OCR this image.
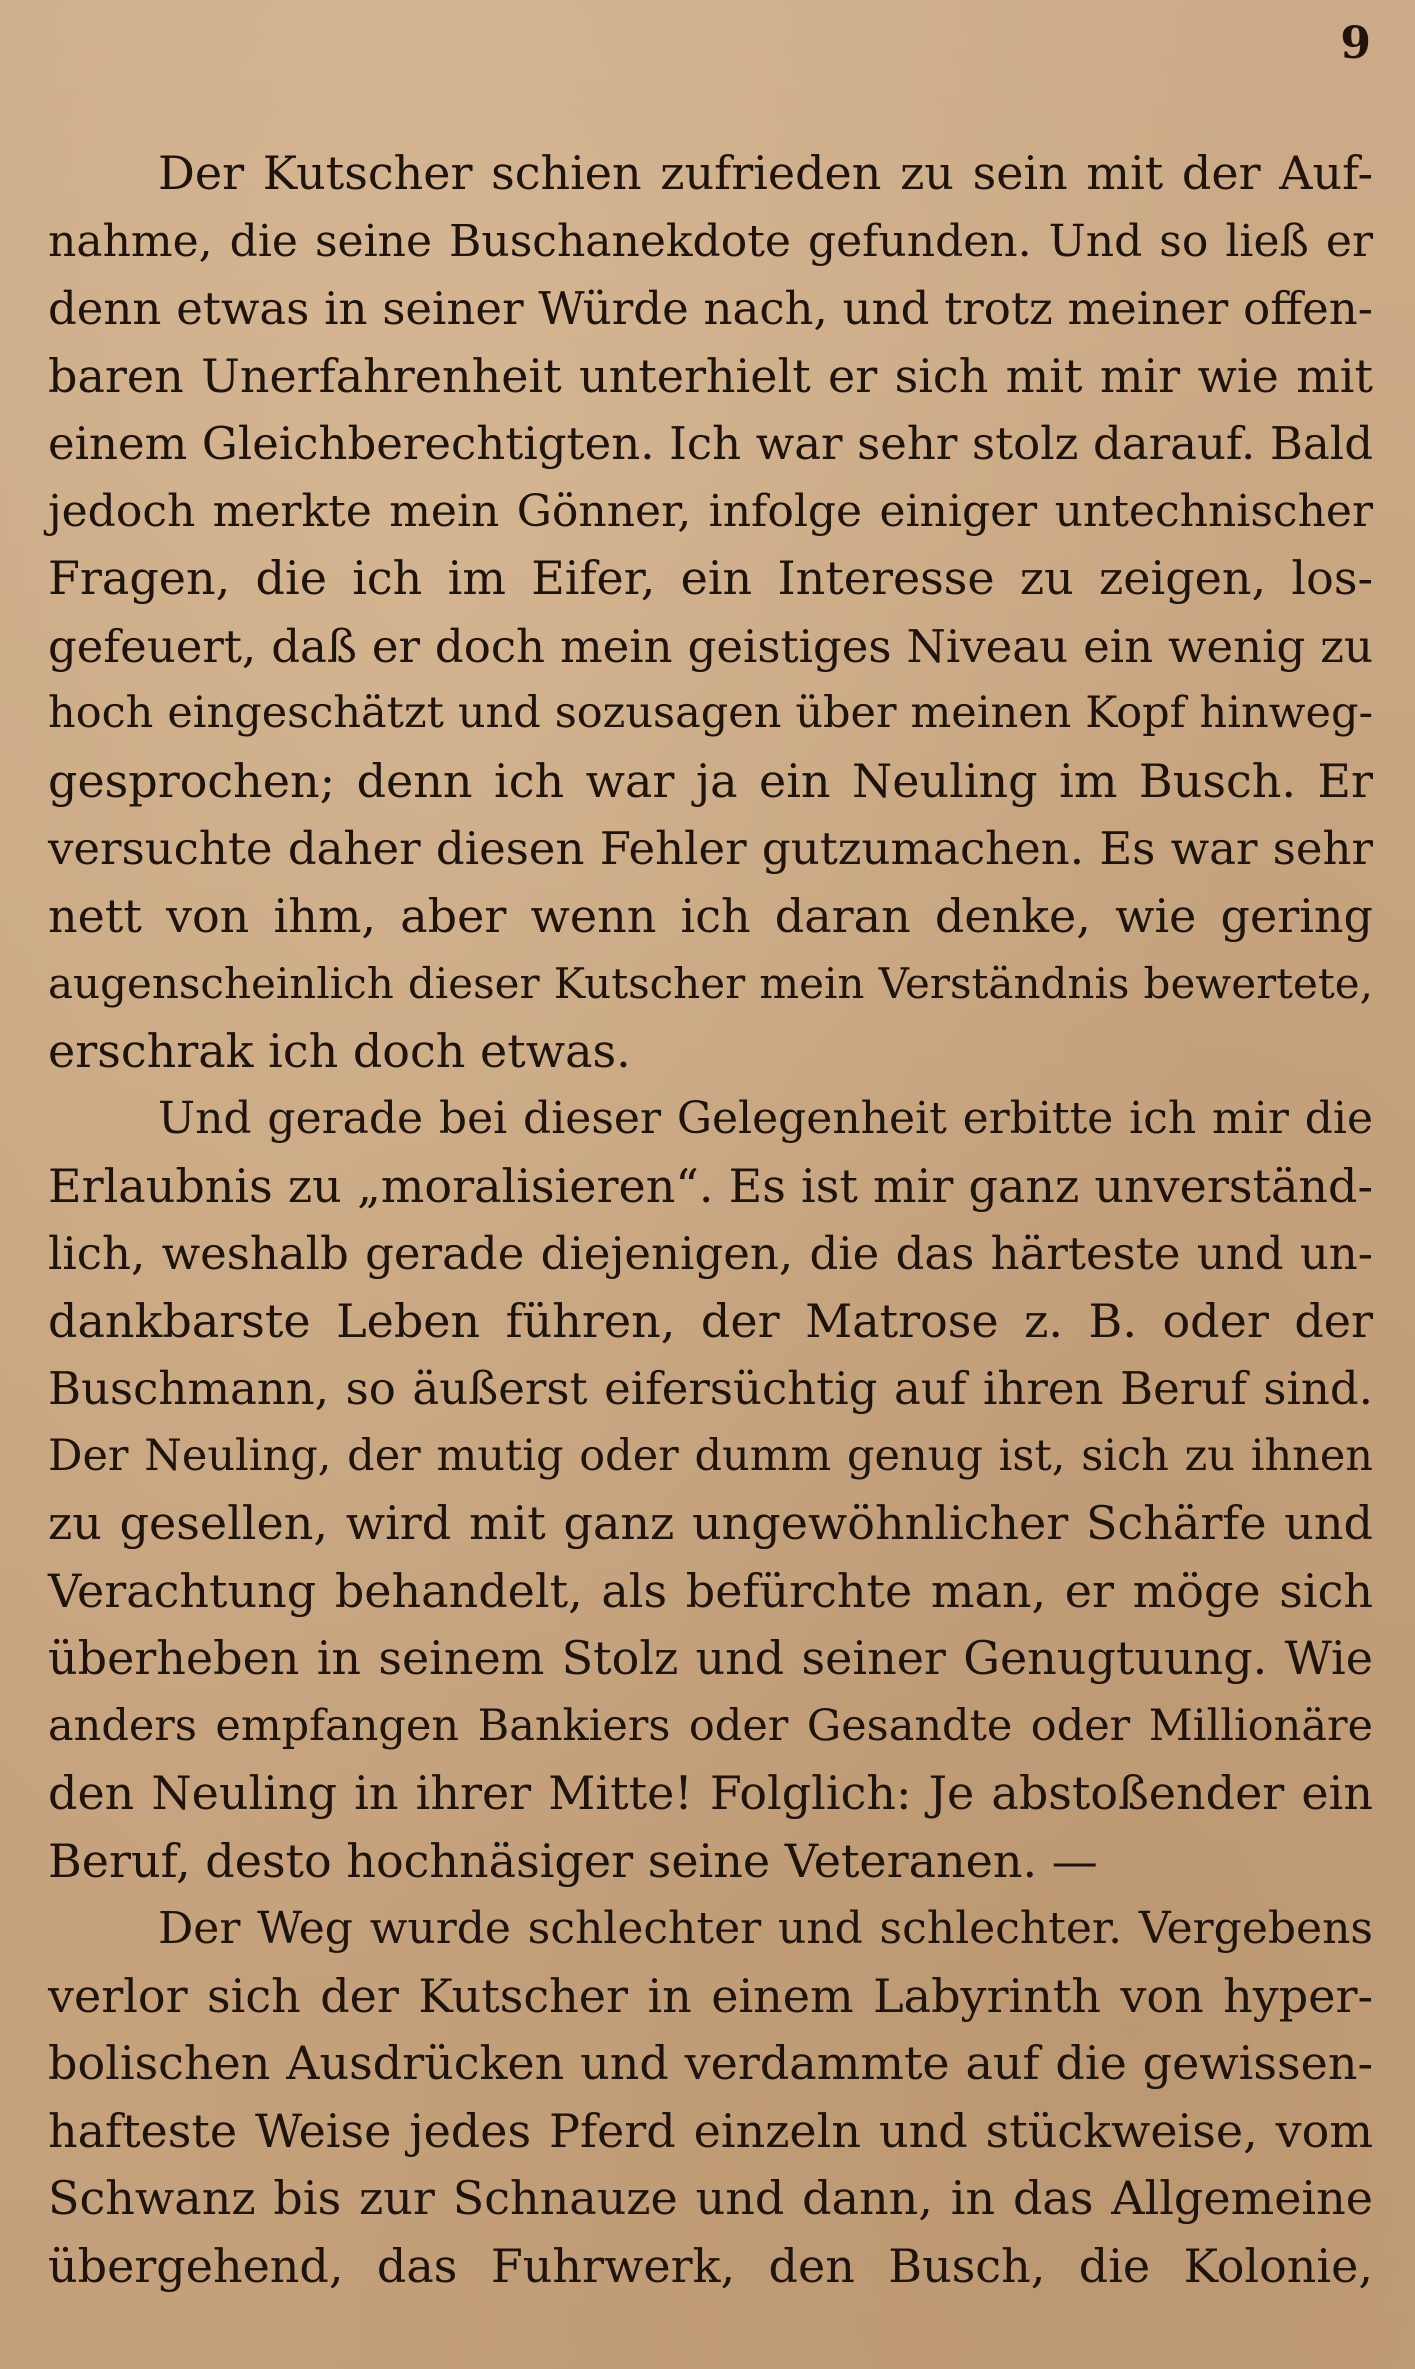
9
Der Kutscher schien zufrieden zu sein mit der Auf-
nahme, die seine Buschanekdote gefunden. Und so ließ er
denn etwas in seiner Würde nach, und trotz meiner offen-
baren Unerfahrenheit unterhielt er sich mit mir wie mit
einem Gleichberechtigten. Ich war sehr stolz darauf. Bald
jedoch merkte mein Gönner, infolge einiger untechnischer
Fragen, die ich im Eifer, ein Interesse zu zeigen, los-
gefeuert, daß er doch mein geistiges Niveau ein wenig zu
hoch eingeschätzt und sozusagen über meinen Kopf hinweg-
gesprochen; denn ich war ja ein Neuling im Busch. Er
versuchte daher diesen Fehler gutzumachen. Es war sehr
nett von ihm, aber wenn ich daran denke, wie gering
augenscheinlich dieser Kutscher mein Verständnis bewertete,
erschrak ich doch etwas.
Und gerade bei dieser Gelegenheit erbitte ich mir die
Erlaubnis zu „moralisieren“. Es ist mir ganz unverständ-
lich, weshalb gerade diejenigen, die das härteste und un-
dankbarste Leben führen, der Matrose z. B. oder der
Buschmann, so äußerst eifersüchtig auf ihren Beruf sind.
Der Neuling, der mutig oder dumm genug ist, sich zu ihnen
zu gesellen, wird mit ganz ungewöhnlicher Schärfe und
Verachtung behandelt, als befürchte man, er möge sich
überheben in seinem Stolz und seiner Genugtuung. Wie
anders empfangen Bankiers oder Gesandte oder Millionäre
den Neuling in ihrer Mitte! Folglich: Je abstoßender ein
Beruf, desto hochnäsiger seine Veteranen. —
Der Weg wurde schlechter und schlechter. Vergebens
verlor sich der Kutscher in einem Labyrinth von hyper-
bolischen Ausdrücken und verdammte auf die gewissen-
hafteste Weise jedes Pferd einzeln und stückweise, vom
Schwanz bis zur Schnauze und dann, in das Allgemeine
übergehend, das Fuhrwerk, den Busch, die Kolonie,
